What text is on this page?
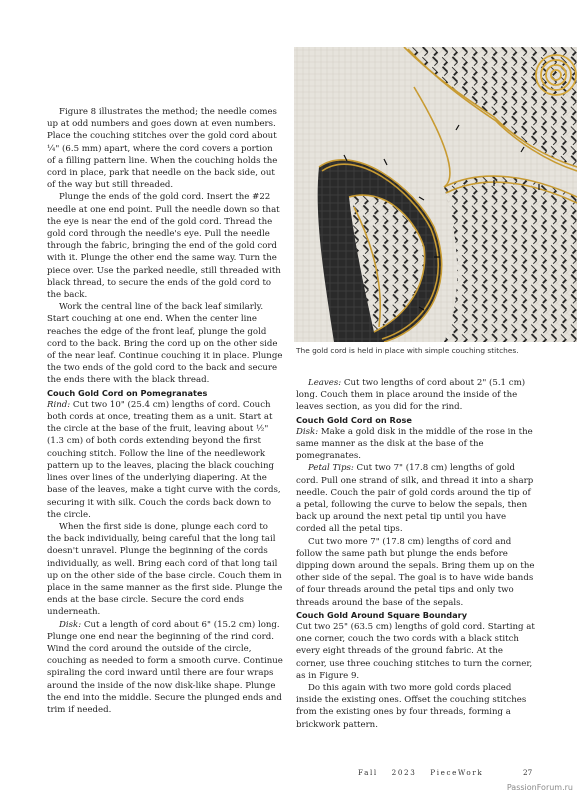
The gold cord is held in place with simple couching stitches.

Figure 8 illustrates the method; the needle comes up at odd numbers and goes down at even numbers. Place the couching stitches over the gold cord about ¼" (6.5 mm) apart, where the cord covers a portion of a filling pattern line. When the couching holds the cord in place, park that needle on the back side, out of the way but still threaded.

Plunge the ends of the gold cord. Insert the #22 needle at one end point. Pull the needle down so that the eye is near the end of the gold cord. Thread the gold cord through the needle's eye. Pull the needle through the fabric, bringing the end of the gold cord with it. Plunge the other end the same way. Turn the piece over. Use the parked needle, still threaded with black thread, to secure the ends of the gold cord to the back.

Work the central line of the back leaf similarly. Start couching at one end. When the center line reaches the edge of the front leaf, plunge the gold cord to the back. Bring the cord up on the other side of the near leaf. Continue couching it in place. Plunge the two ends of the gold cord to the back and secure the ends there with the black thread.

Couch Gold Cord on Pomegranates

Rind: Cut two 10" (25.4 cm) lengths of cord. Couch both cords at once, treating them as a unit. Start at the circle at the base of the fruit, leaving about ½" (1.3 cm) of both cords extending beyond the first couching stitch. Follow the line of the needlework pattern up to the leaves, placing the black couching lines over lines of the underlying diapering. At the base of the leaves, make a tight curve with the cords, securing it with silk. Couch the cords back down to the circle.

When the first side is done, plunge each cord to the back individually, being careful that the long tail doesn't unravel. Plunge the beginning of the cords individually, as well. Bring each cord of that long tail up on the other side of the base circle. Couch them in place in the same manner as the first side. Plunge the ends at the base circle. Secure the cord ends underneath.

Disk: Cut a length of cord about 6" (15.2 cm) long. Plunge one end near the beginning of the rind cord. Wind the cord around the outside of the circle, couching as needed to form a smooth curve. Continue spiraling the cord inward until there are four wraps around the inside of the now disk-like shape. Plunge the end into the middle. Secure the plunged ends and trim if needed.

Leaves: Cut two lengths of cord about 2" (5.1 cm) long. Couch them in place around the inside of the leaves section, as you did for the rind.

Couch Gold Cord on Rose

Disk: Make a gold disk in the middle of the rose in the same manner as the disk at the base of the pomegranates.

Petal Tips: Cut two 7" (17.8 cm) lengths of gold cord. Pull one strand of silk, and thread it into a sharp needle. Couch the pair of gold cords around the tip of a petal, following the curve to below the sepals, then back up around the next petal tip until you have corded all the petal tips.

Cut two more 7" (17.8 cm) lengths of cord and follow the same path but plunge the ends before dipping down around the sepals. Bring them up on the other side of the sepal. The goal is to have wide bands of four threads around the petal tips and only two threads around the base of the sepals.

Couch Gold Around Square Boundary

Cut two 25" (63.5 cm) lengths of gold cord. Starting at one corner, couch the two cords with a black stitch every eight threads of the ground fabric. At the corner, use three couching stitches to turn the corner, as in Figure 9.

Do this again with two more gold cords placed inside the existing ones. Offset the couching stitches from the existing ones by four threads, forming a brickwork pattern.

Fall 2023 PieceWork	27
PassionForum.ru
